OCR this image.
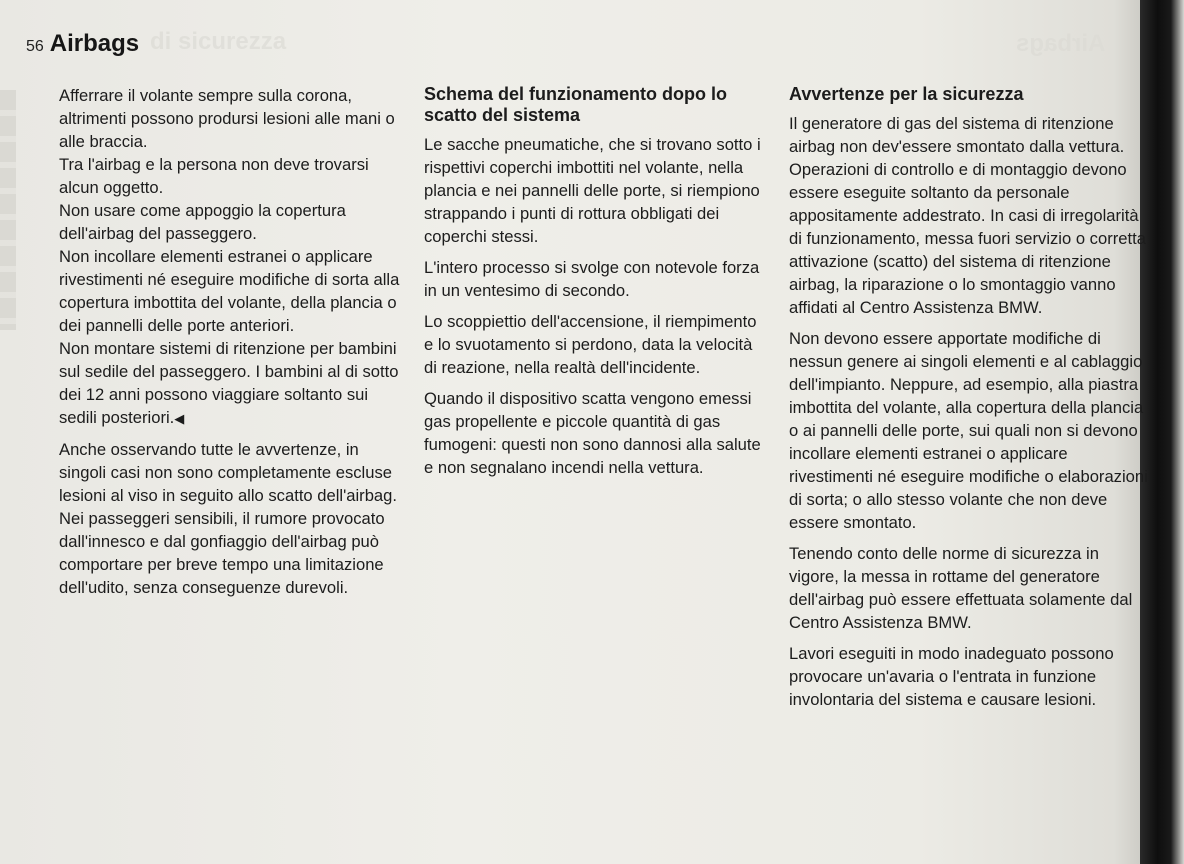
di sicurezza	Airbags
56 Airbags

Afferrare il volante sempre sulla corona, altrimenti possono prodursi lesioni alle mani o alle braccia.

Tra l'airbag e la persona non deve trovarsi alcun oggetto.

Non usare come appoggio la copertura dell'airbag del passeggero.

Non incollare elementi estranei o applicare rivestimenti né eseguire modifiche di sorta alla copertura imbottita del volante, della plancia o dei pannelli delle porte anteriori.

Non montare sistemi di ritenzione per bambini sul sedile del passeggero. I bambini al di sotto dei 12 anni possono viaggiare soltanto sui sedili posteriori.◀

Anche osservando tutte le avvertenze, in singoli casi non sono completamente escluse lesioni al viso in seguito allo scatto dell'airbag. Nei passeggeri sensibili, il rumore provocato dall'innesco e dal gonfiaggio dell'airbag può comportare per breve tempo una limitazione dell'udito, senza conseguenze durevoli.

Schema del funzionamento dopo lo scatto del sistema

Le sacche pneumatiche, che si trovano sotto i rispettivi coperchi imbottiti nel volante, nella plancia e nei pannelli delle porte, si riempiono strappando i punti di rottura obbligati dei coperchi stessi.

L'intero processo si svolge con notevole forza in un ventesimo di secondo.

Lo scoppiettio dell'accensione, il riempimento e lo svuotamento si perdono, data la velocità di reazione, nella realtà dell'incidente.

Quando il dispositivo scatta vengono emessi gas propellente e piccole quantità di gas fumogeni: questi non sono dannosi alla salute e non segnalano incendi nella vettura.

Avvertenze per la sicurezza

Il generatore di gas del sistema di ritenzione airbag non dev'essere smontato dalla vettura. Operazioni di controllo e di montaggio devono essere eseguite soltanto da personale appositamente addestrato. In casi di irregolarità di funzionamento, messa fuori servizio o corretta attivazione (scatto) del sistema di ritenzione airbag, la riparazione o lo smontaggio vanno affidati al Centro Assistenza BMW.

Non devono essere apportate modifiche di nessun genere ai singoli elementi e al cablaggio dell'impianto. Neppure, ad esempio, alla piastra imbottita del volante, alla copertura della plancia o ai pannelli delle porte, sui quali non si devono incollare elementi estranei o applicare rivestimenti né eseguire modifiche o elaborazioni di sorta; o allo stesso volante che non deve essere smontato.

Tenendo conto delle norme di sicurezza in vigore, la messa in rottame del generatore dell'airbag può essere effettuata solamente dal Centro Assistenza BMW.

Lavori eseguiti in modo inadeguato possono provocare un'avaria o l'entrata in funzione involontaria del sistema e causare lesioni.
